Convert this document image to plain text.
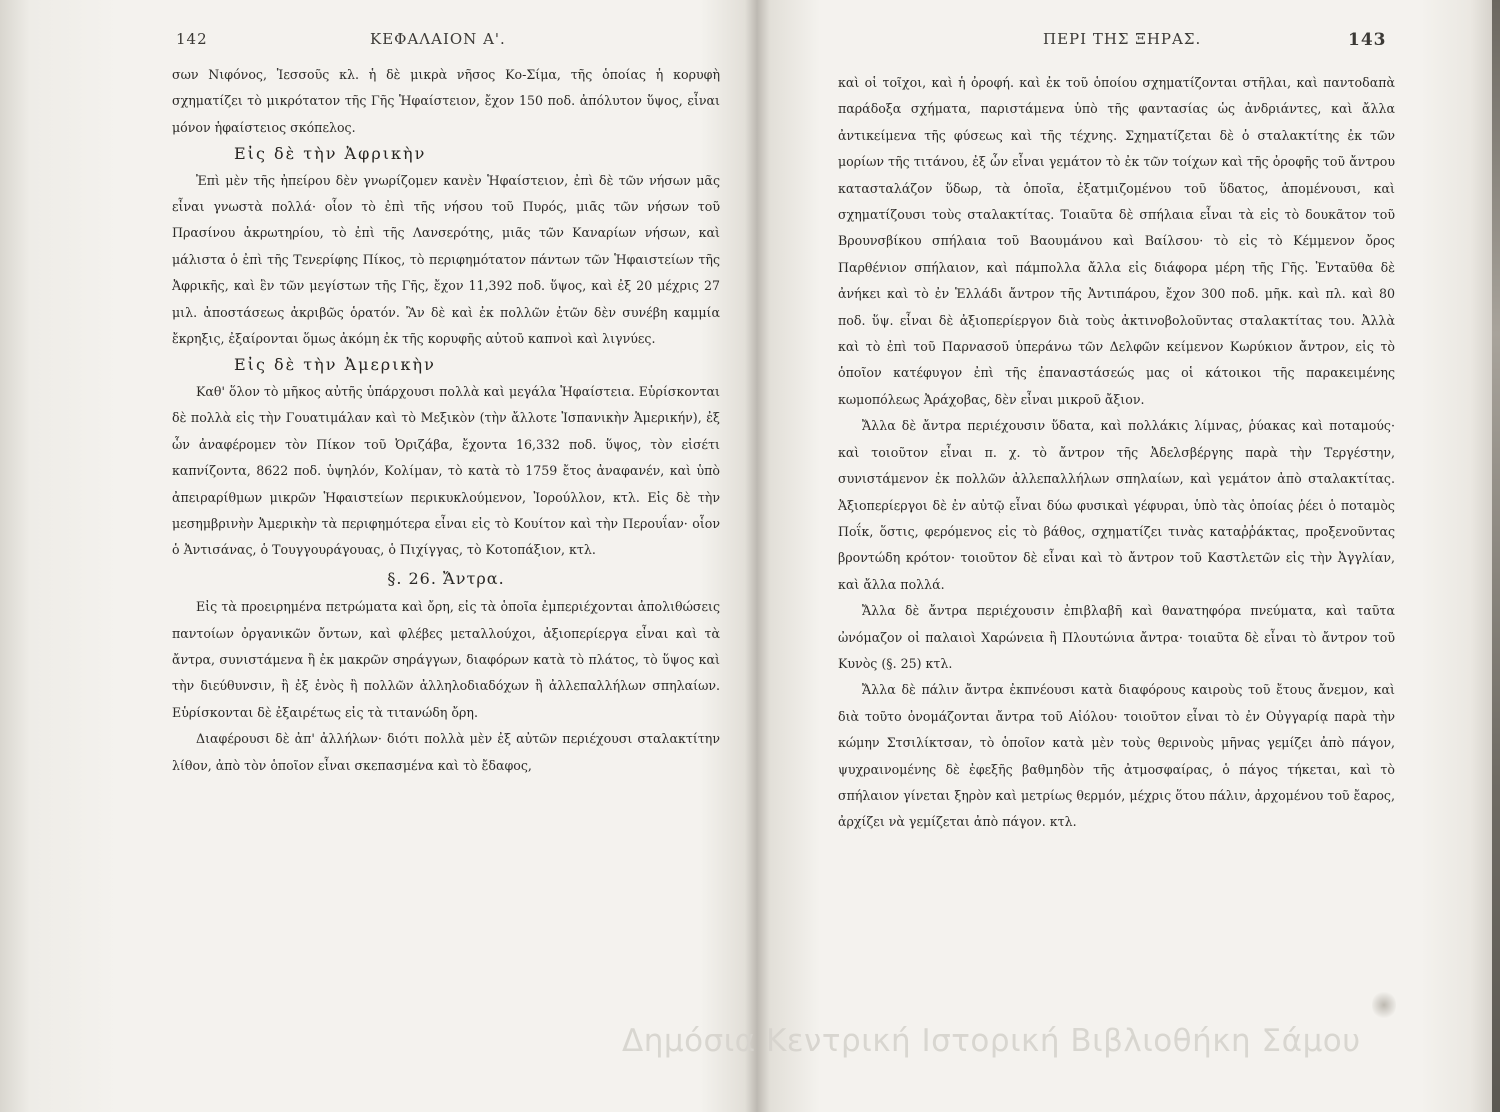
142	ΚΕΦΑΛΑΙΟΝ Α'.

σων Νιφόνος, Ἰεσσοῦς κλ. ἡ δὲ μικρὰ νῆσος Κο-Σίμα, τῆς ὁποίας ἡ κορυφὴ σχηματίζει τὸ μικρότατον τῆς Γῆς Ἡφαίστειον, ἔχον 150 ποδ. ἀπόλυτον ὕψος, εἶναι μόνον ἡφαίστειος σκόπελος.

Εἰς δὲ τὴν Ἀφρικὴν

Ἐπὶ μὲν τῆς ἠπείρου δὲν γνωρίζομεν κανὲν Ἡφαίστειον, ἐπὶ δὲ τῶν νήσων μᾶς εἶναι γνωστὰ πολλά· οἷον τὸ ἐπὶ τῆς νήσου τοῦ Πυρός, μιᾶς τῶν νήσων τοῦ Πρασίνου ἀκρωτηρίου, τὸ ἐπὶ τῆς Λανσερότης, μιᾶς τῶν Καναρίων νήσων, καὶ μάλιστα ὁ ἐπὶ τῆς Τενερίφης Πίκος, τὸ περιφημότατον πάντων τῶν Ἡφαιστείων τῆς Ἀφρικῆς, καὶ ἓν τῶν μεγίστων τῆς Γῆς, ἔχον 11,392 ποδ. ὕψος, καὶ ἐξ 20 μέχρις 27 μιλ. ἀποστάσεως ἀκριβῶς ὁρατόν. Ἂν δὲ καὶ ἐκ πολλῶν ἐτῶν δὲν συνέβη καμμία ἔκρηξις, ἐξαίρονται ὅμως ἀκόμη ἐκ τῆς κορυφῆς αὐτοῦ καπνοὶ καὶ λιγνύες.

Εἰς δὲ τὴν Ἀμερικὴν

Καθ' ὅλον τὸ μῆκος αὐτῆς ὑπάρχουσι πολλὰ καὶ μεγάλα Ἡφαίστεια. Εὑρίσκονται δὲ πολλὰ εἰς τὴν Γουατιμάλαν καὶ τὸ Μεξικὸν (τὴν ἄλλοτε Ἰσπανικὴν Ἀμερικήν), ἐξ ὧν ἀναφέρομεν τὸν Πίκον τοῦ Ὀριζάβα, ἔχοντα 16,332 ποδ. ὕψος, τὸν εἰσέτι καπνίζοντα, 8622 ποδ. ὑψηλόν, Κολίμαν, τὸ κατὰ τὸ 1759 ἔτος ἀναφανέν, καὶ ὑπὸ ἀπειραρίθμων μικρῶν Ἡφαιστείων περικυκλούμενον, Ἰορούλλον, κτλ. Εἰς δὲ τὴν μεσημβρινὴν Ἀμερικὴν τὰ περιφημότερα εἶναι εἰς τὸ Κουίτον καὶ τὴν Περουΐαν· οἷον ὁ Ἀντισάνας, ὁ Τουγγουράγουας, ὁ Πιχίγγας, τὸ Κοτοπάξιον, κτλ.

§. 26. Ἄντρα.

Εἰς τὰ προειρημένα πετρώματα καὶ ὄρη, εἰς τὰ ὁποῖα ἐμπεριέχονται ἀπολιθώσεις παντοίων ὀργανικῶν ὄντων, καὶ φλέβες μεταλλούχοι, ἀξιοπερίεργα εἶναι καὶ τὰ ἄντρα, συνιστάμενα ἢ ἐκ μακρῶν σηράγγων, διαφόρων κατὰ τὸ πλάτος, τὸ ὕψος καὶ τὴν διεύθυνσιν, ἢ ἐξ ἑνὸς ἢ πολλῶν ἀλληλοδιαδόχων ἢ ἀλλεπαλλήλων σπηλαίων. Εὑρίσκονται δὲ ἐξαιρέτως εἰς τὰ τιτανώδη ὄρη.

Διαφέρουσι δὲ ἀπ' ἀλλήλων· διότι πολλὰ μὲν ἐξ αὐτῶν περιέχουσι σταλακτίτην λίθον, ἀπὸ τὸν ὁποῖον εἶναι σκεπασμένα καὶ τὸ ἔδαφος,

ΠΕΡΙ ΤΗΣ ΞΗΡΑΣ.	143

καὶ οἱ τοῖχοι, καὶ ἡ ὀροφή. καὶ ἐκ τοῦ ὁποίου σχηματίζονται στῆλαι, καὶ παντοδαπὰ παράδοξα σχήματα, παριστάμενα ὑπὸ τῆς φαντασίας ὡς ἀνδριάντες, καὶ ἄλλα ἀντικείμενα τῆς φύσεως καὶ τῆς τέχνης. Σχηματίζεται δὲ ὁ σταλακτίτης ἐκ τῶν μορίων τῆς τιτάνου, ἐξ ὧν εἶναι γεμάτον τὸ ἐκ τῶν τοίχων καὶ τῆς ὀροφῆς τοῦ ἄντρου κατασταλάζον ὕδωρ, τὰ ὁποῖα, ἐξατμιζομένου τοῦ ὕδατος, ἀπομένουσι, καὶ σχηματίζουσι τοὺς σταλακτίτας. Τοιαῦτα δὲ σπήλαια εἶναι τὰ εἰς τὸ δουκᾶτον τοῦ Βρουνσβίκου σπήλαια τοῦ Βαουμάνου καὶ Βαίλσου· τὸ εἰς τὸ Κέμμενον ὄρος Παρθένιον σπήλαιον, καὶ πάμπολλα ἄλλα εἰς διάφορα μέρη τῆς Γῆς. Ἐνταῦθα δὲ ἀνήκει καὶ τὸ ἐν Ἑλλάδι ἄντρον τῆς Ἀντιπάρου, ἔχον 300 ποδ. μῆκ. καὶ πλ. καὶ 80 ποδ. ὕψ. εἶναι δὲ ἀξιοπερίεργον διὰ τοὺς ἀκτινοβολοῦντας σταλακτίτας του. Ἀλλὰ καὶ τὸ ἐπὶ τοῦ Παρνασοῦ ὑπεράνω τῶν Δελφῶν κείμενον Κωρύκιον ἄντρον, εἰς τὸ ὁποῖον κατέφυγον ἐπὶ τῆς ἐπαναστάσεώς μας οἱ κάτοικοι τῆς παρακειμένης κωμοπόλεως Ἀράχοβας, δὲν εἶναι μικροῦ ἄξιον.

Ἄλλα δὲ ἄντρα περιέχουσιν ὕδατα, καὶ πολλάκις λίμνας, ῥύακας καὶ ποταμούς· καὶ τοιοῦτον εἶναι π. χ. τὸ ἄντρον τῆς Ἀδελσβέργης παρὰ τὴν Τεργέστην, συνιστάμενον ἐκ πολλῶν ἀλλεπαλλήλων σπηλαίων, καὶ γεμάτον ἀπὸ σταλακτίτας. Ἀξιοπερίεργοι δὲ ἐν αὐτῷ εἶναι δύω φυσικαὶ γέφυραι, ὑπὸ τὰς ὁποίας ῥέει ὁ ποταμὸς Ποΐκ, ὅστις, φερόμενος εἰς τὸ βάθος, σχηματίζει τινὰς καταῤῥάκτας, προξενοῦντας βροντώδη κρότον· τοιοῦτον δὲ εἶναι καὶ τὸ ἄντρον τοῦ Καστλετῶν εἰς τὴν Ἀγγλίαν, καὶ ἄλλα πολλά.

Ἄλλα δὲ ἄντρα περιέχουσιν ἐπιβλαβῆ καὶ θανατηφόρα πνεύματα, καὶ ταῦτα ὠνόμαζον οἱ παλαιοὶ Χαρώνεια ἢ Πλουτώνια ἄντρα· τοιαῦτα δὲ εἶναι τὸ ἄντρον τοῦ Κυνὸς (§. 25) κτλ.

Ἄλλα δὲ πάλιν ἄντρα ἐκπνέουσι κατὰ διαφόρους καιροὺς τοῦ ἔτους ἄνεμον, καὶ διὰ τοῦτο ὀνομάζονται ἄντρα τοῦ Αἰόλου· τοιοῦτον εἶναι τὸ ἐν Οὐγγαρίᾳ παρὰ τὴν κώμην Στσιλίκτσαν, τὸ ὁποῖον κατὰ μὲν τοὺς θερινοὺς μῆνας γεμίζει ἀπὸ πάγον, ψυχραινομένης δὲ ἐφεξῆς βαθμηδὸν τῆς ἀτμοσφαίρας, ὁ πάγος τήκεται, καὶ τὸ σπήλαιον γίνεται ξηρὸν καὶ μετρίως θερμόν, μέχρις ὅτου πάλιν, ἀρχομένου τοῦ ἔαρος, ἀρχίζει νὰ γεμίζεται ἀπὸ πάγον. κτλ.

Δημόσια Κεντρική Ιστορική Βιβλιοθήκη Σάμου
